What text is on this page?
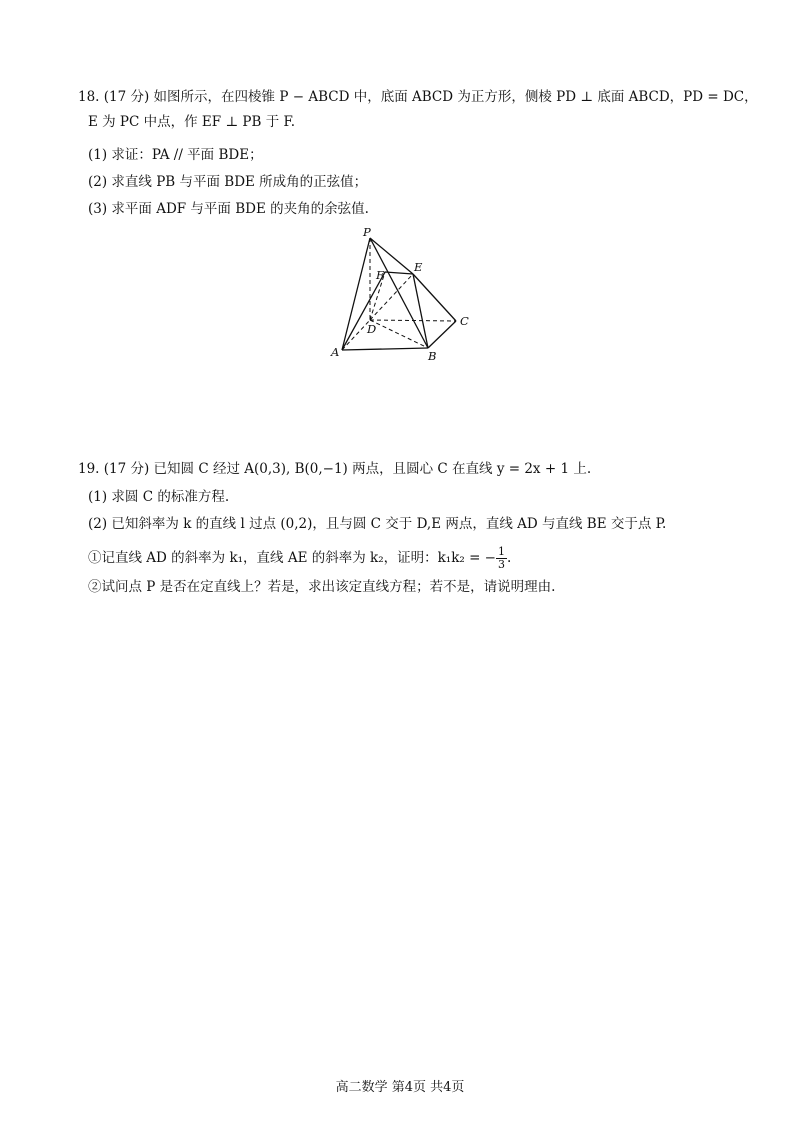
18. (17 分) 如图所示，在四棱锥 P − ABCD 中，底面 ABCD 为正方形，侧棱 PD ⊥ 底面 ABCD，PD = DC，
E 为 PC 中点，作 EF ⊥ PB 于 F.
(1) 求证：PA // 平面 BDE；
(2) 求直线 PB 与平面 BDE 所成角的正弦值；
(3) 求平面 ADF 与平面 BDE 的夹角的余弦值.
P
F
E
D
C
A	B
19. (17 分) 已知圆 C 经过 A(0,3), B(0,−1) 两点，且圆心 C 在直线 y = 2x + 1 上.
(1) 求圆 C 的标准方程.
(2) 已知斜率为 k 的直线 l 过点 (0,2)，且与圆 C 交于 D,E 两点，直线 AD 与直线 BE 交于点 P.
①记直线 AD 的斜率为 k₁，直线 AE 的斜率为 k₂，证明：k₁k₂ = − $\frac{1}{3}$ .
②试问点 P 是否在定直线上？若是，求出该定直线方程；若不是，请说明理由.
高二数学 第4页 共4页
